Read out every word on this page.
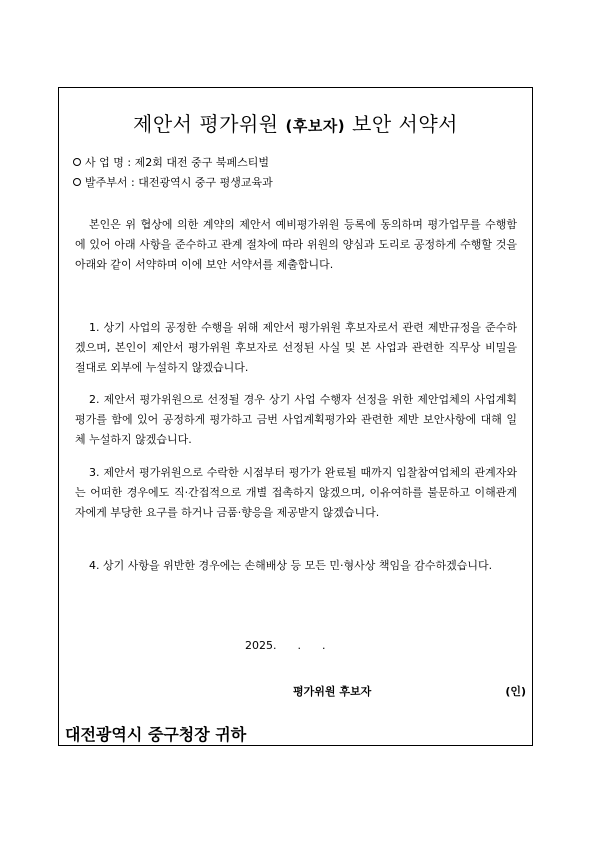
제안서 평가위원 (후보자) 보안 서약서
사 업 명 : 제2회 대전 중구 북페스티벌
발주부서 : 대전광역시 중구 평생교육과
본인은 위 협상에 의한 계약의 제안서 예비평가위원 등록에 동의하며 평가업무를 수행함에 있어 아래 사항을 준수하고 관계 절차에 따라 위원의 양심과 도리로 공정하게 수행할 것을 아래와 같이 서약하며 이에 보안 서약서를 제출합니다.
1. 상기 사업의 공정한 수행을 위해 제안서 평가위원 후보자로서 관련 제반규정을 준수하겠으며, 본인이 제안서 평가위원 후보자로 선정된 사실 및 본 사업과 관련한 직무상 비밀을 절대로 외부에 누설하지 않겠습니다.
2. 제안서 평가위원으로 선정될 경우 상기 사업 수행자 선정을 위한 제안업체의 사업계획평가를 함에 있어 공정하게 평가하고 금번 사업계획평가와 관련한 제반 보안사항에 대해 일체 누설하지 않겠습니다.
3. 제안서 평가위원으로 수락한 시점부터 평가가 완료될 때까지 입찰참여업체의 관계자와는 어떠한 경우에도 직·간접적으로 개별 접촉하지 않겠으며, 이유여하를 불문하고 이해관계자에게 부당한 요구를 하거나 금품·향응을 제공받지 않겠습니다.
4. 상기 사항을 위반한 경우에는 손해배상 등 모든 민·형사상 책임을 감수하겠습니다.
2025.      .      .
평가위원 후보자	(인)
대전광역시 중구청장 귀하
